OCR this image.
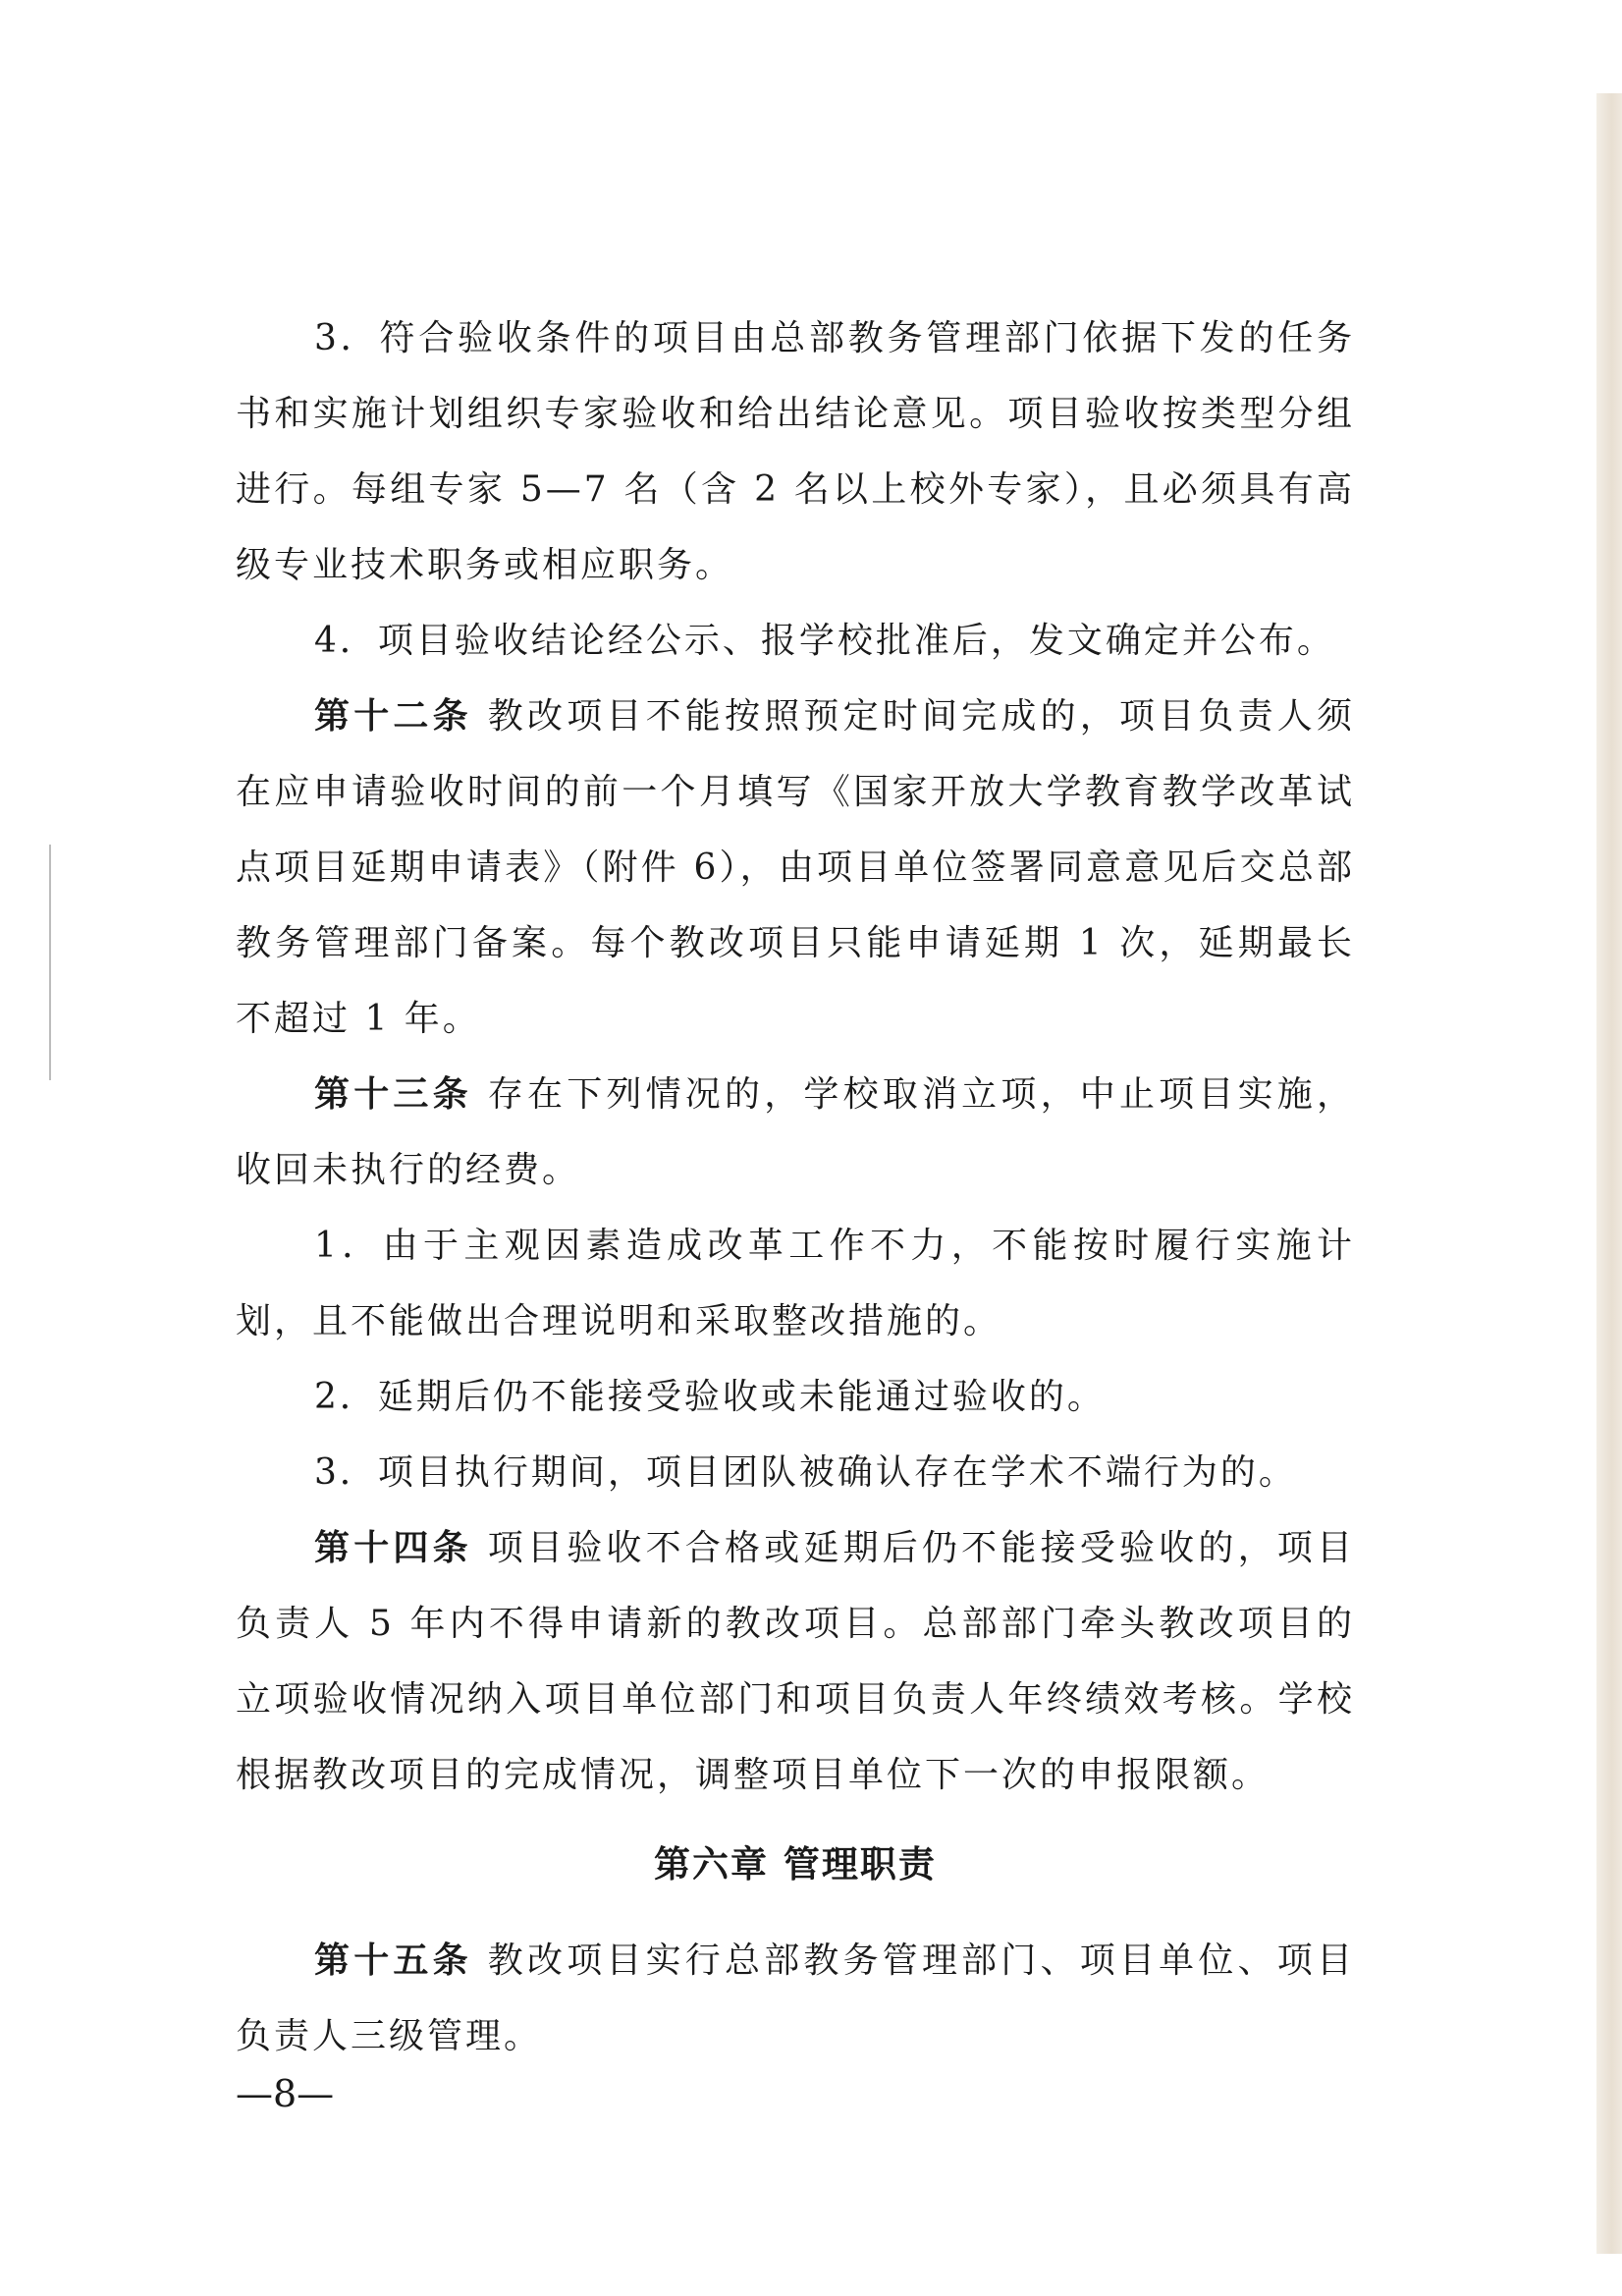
3．符合验收条件的项目由总部教务管理部门依据下发的任务书和实施计划组织专家验收和给出结论意见。项目验收按类型分组进行。每组专家 5—7 名（含 2 名以上校外专家），且必须具有高级专业技术职务或相应职务。

4．项目验收结论经公示、报学校批准后，发文确定并公布。

第十二条 教改项目不能按照预定时间完成的，项目负责人须在应申请验收时间的前一个月填写《国家开放大学教育教学改革试点项目延期申请表》（附件 6），由项目单位签署同意意见后交总部教务管理部门备案。每个教改项目只能申请延期 1 次，延期最长不超过 1 年。

第十三条 存在下列情况的，学校取消立项，中止项目实施，收回未执行的经费。

1．由于主观因素造成改革工作不力，不能按时履行实施计划，且不能做出合理说明和采取整改措施的。

2．延期后仍不能接受验收或未能通过验收的。

3．项目执行期间，项目团队被确认存在学术不端行为的。

第十四条 项目验收不合格或延期后仍不能接受验收的，项目负责人 5 年内不得申请新的教改项目。总部部门牵头教改项目的立项验收情况纳入项目单位部门和项目负责人年终绩效考核。学校根据教改项目的完成情况，调整项目单位下一次的申报限额。

第六章 管理职责

第十五条 教改项目实行总部教务管理部门、项目单位、项目负责人三级管理。

—8—
